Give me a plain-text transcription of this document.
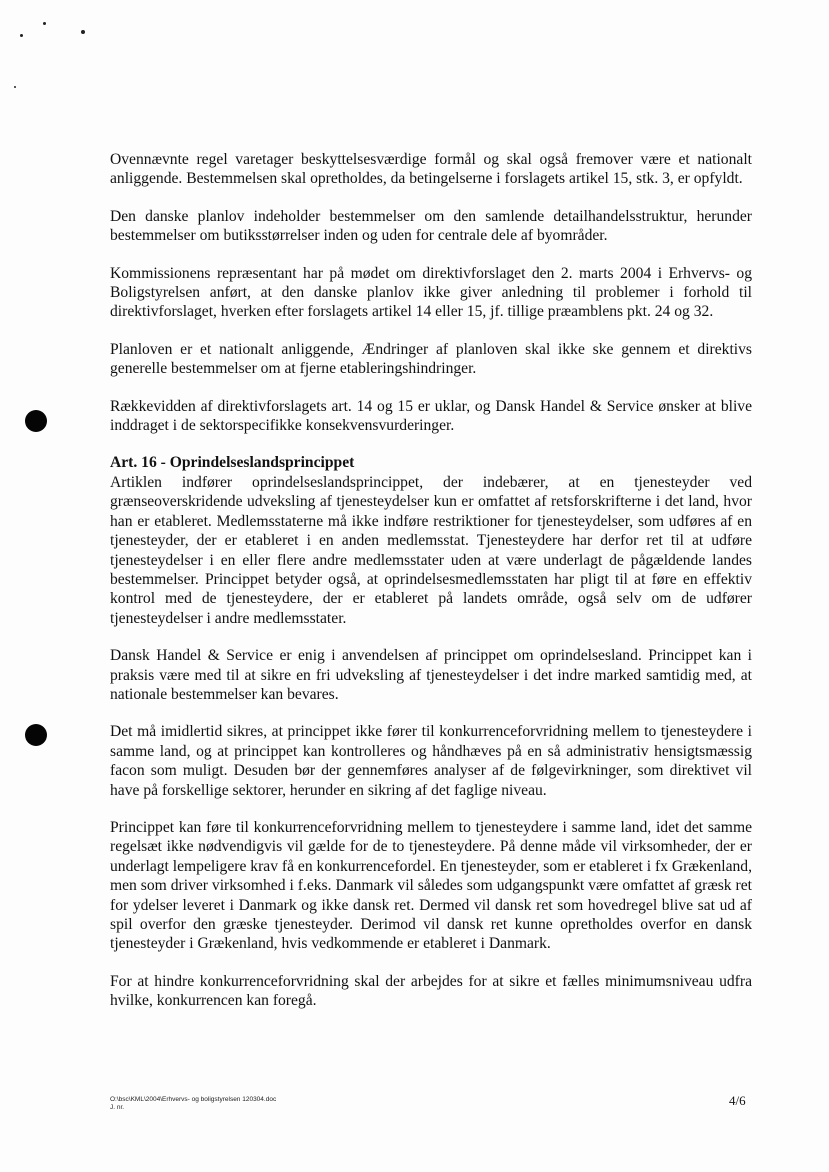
Ovennævnte regel varetager beskyttelsesværdige formål og skal også fremover være et nationalt anliggende. Bestemmelsen skal opretholdes, da betingelserne i forslagets artikel 15, stk. 3, er opfyldt.

Den danske planlov indeholder bestemmelser om den samlende detailhandelsstruktur, herunder bestemmelser om butiksstørrelser inden og uden for centrale dele af byområder.

Kommissionens repræsentant har på mødet om direktivforslaget den 2. marts 2004 i Erhvervs- og Boligstyrelsen anført, at den danske planlov ikke giver anledning til problemer i forhold til direktivforslaget, hverken efter forslagets artikel 14 eller 15, jf. tillige præamblens pkt. 24 og 32.

Planloven er et nationalt anliggende, Ændringer af planloven skal ikke ske gennem et direktivs generelle bestemmelser om at fjerne etableringshindringer.

Rækkevidden af direktivforslagets art. 14 og 15 er uklar, og Dansk Handel & Service ønsker at blive inddraget i de sektorspecifikke konsekvensvurderinger.

Art. 16 - Oprindelseslandsprincippet

Artiklen indfører oprindelseslandsprincippet, der indebærer, at en tjenesteyder ved grænseoverskridende udveksling af tjenesteydelser kun er omfattet af retsforskrifterne i det land, hvor han er etableret. Medlemsstaterne må ikke indføre restriktioner for tjenesteydelser, som udføres af en tjenesteyder, der er etableret i en anden medlemsstat. Tjenesteydere har derfor ret til at udføre tjenesteydelser i en eller flere andre medlemsstater uden at være underlagt de pågældende landes bestemmelser. Princippet betyder også, at oprindelsesmedlemsstaten har pligt til at føre en effektiv kontrol med de tjenesteydere, der er etableret på landets område, også selv om de udfører tjenesteydelser i andre medlemsstater.

Dansk Handel & Service er enig i anvendelsen af princippet om oprindelsesland. Princippet kan i praksis være med til at sikre en fri udveksling af tjenesteydelser i det indre marked samtidig med, at nationale bestemmelser kan bevares.

Det må imidlertid sikres, at princippet ikke fører til konkurrenceforvridning mellem to tjenesteydere i samme land, og at princippet kan kontrolleres og håndhæves på en så administrativ hensigtsmæssig facon som muligt. Desuden bør der gennemføres analyser af de følgevirkninger, som direktivet vil have på forskellige sektorer, herunder en sikring af det faglige niveau.

Princippet kan føre til konkurrenceforvridning mellem to tjenesteydere i samme land, idet det samme regelsæt ikke nødvendigvis vil gælde for de to tjenesteydere. På denne måde vil virksomheder, der er underlagt lempeligere krav få en konkurrencefordel. En tjenesteyder, som er etableret i fx Grækenland, men som driver virksomhed i f.eks. Danmark vil således som udgangspunkt være omfattet af græsk ret for ydelser leveret i Danmark og ikke dansk ret. Dermed vil dansk ret som hovedregel blive sat ud af spil overfor den græske tjenesteyder. Derimod vil dansk ret kunne opretholdes overfor en dansk tjenesteyder i Grækenland, hvis vedkommende er etableret i Danmark.

For at hindre konkurrenceforvridning skal der arbejdes for at sikre et fælles minimumsniveau udfra hvilke, konkurrencen kan foregå.

O:\bsc\KML\2004\Erhvervs- og boligstyrelsen 120304.doc
J. nr.	4/6
